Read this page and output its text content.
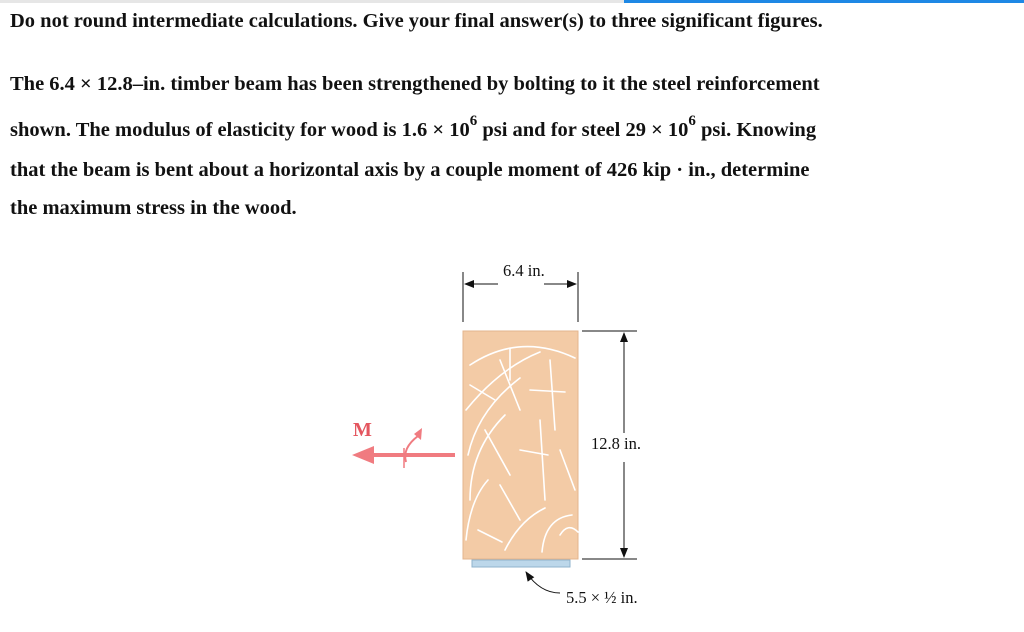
Do not round intermediate calculations. Give your final answer(s) to three significant figures.
The 6.4 × 12.8–in. timber beam has been strengthened by bolting to it the steel reinforcement
shown. The modulus of elasticity for wood is $1.6 \times 10^6$ psi and for steel $29 \times 10^6$ psi. Knowing
that the beam is bent about a horizontal axis by a couple moment of 426 kip · in., determine
the maximum stress in the wood.
6.4 in.
12.8 in.
5.5 × ½ in.
M
